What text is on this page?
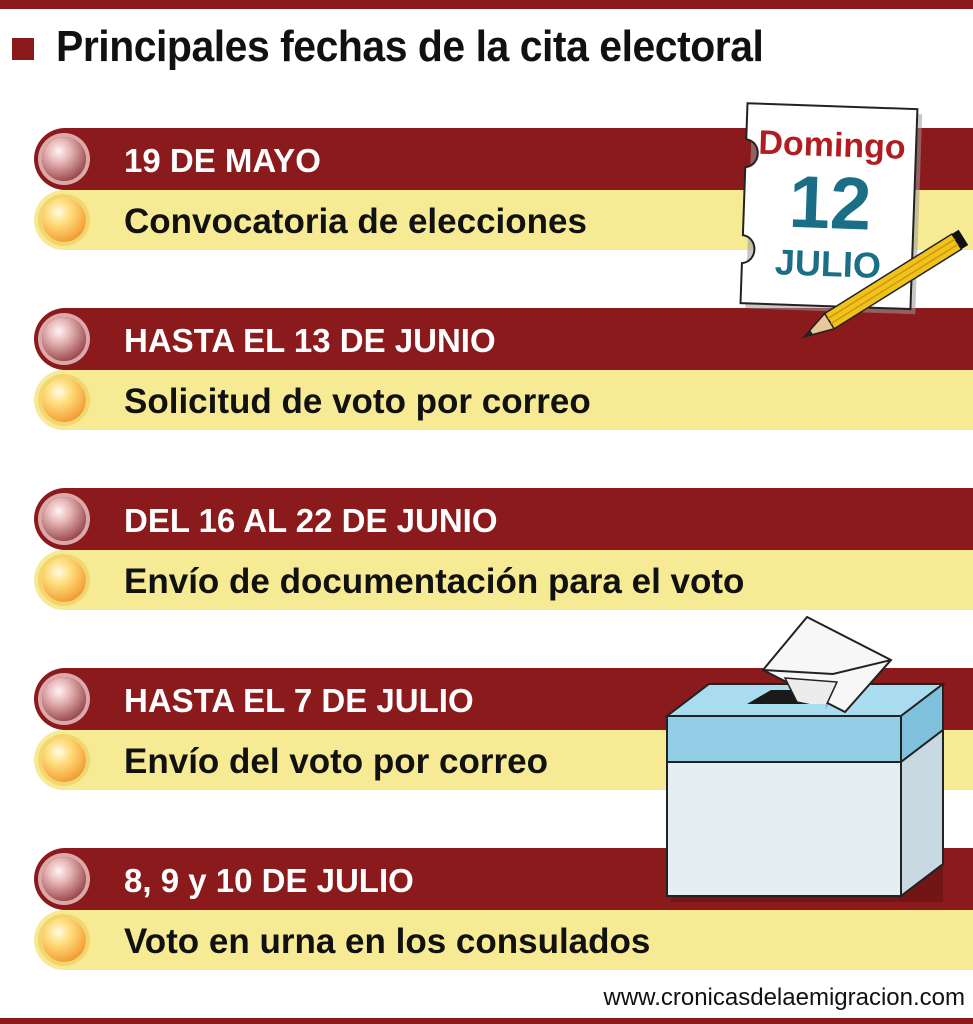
Principales fechas de la cita electoral
19 DE MAYO
Convocatoria de elecciones
HASTA EL 13 DE JUNIO
Solicitud de voto por correo
DEL 16 AL 22 DE JUNIO
Envío de documentación para el voto
HASTA EL 7 DE JULIO
Envío del voto por correo
8, 9 y 10 DE JULIO
Voto en urna en los consulados
Domingo
12
JULIO
www.cronicasdelaemigracion.com
